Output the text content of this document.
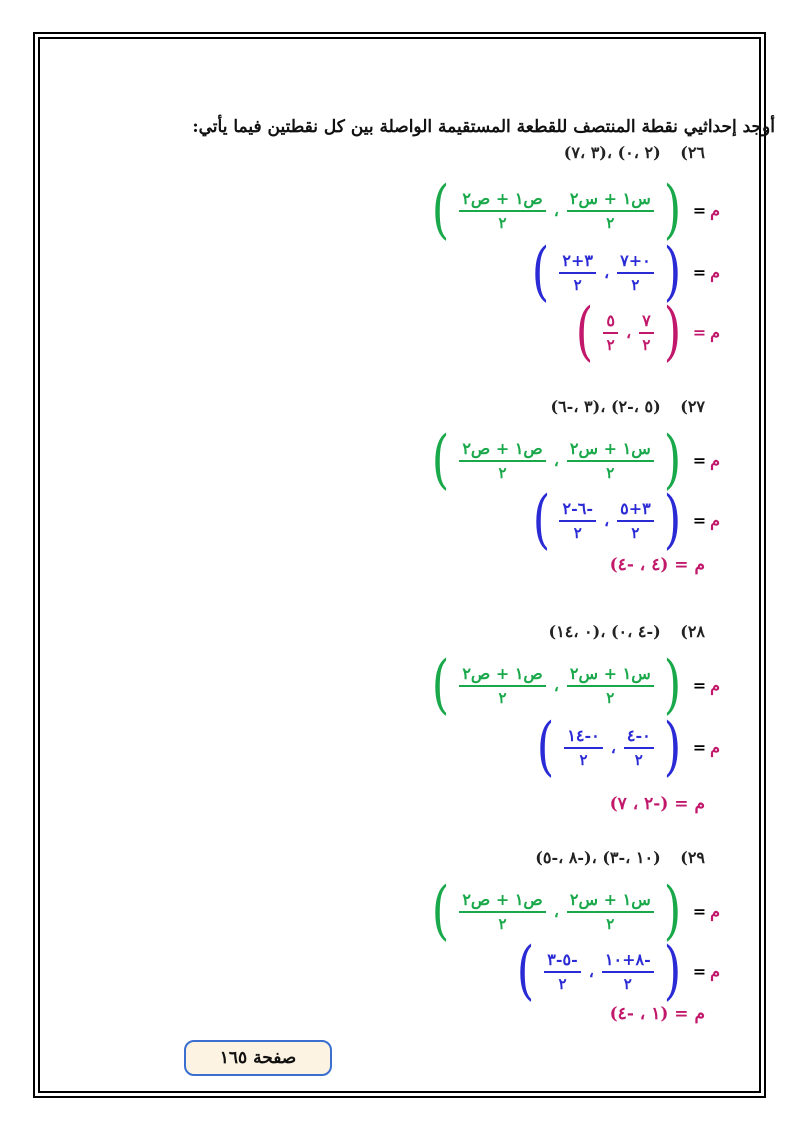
أوجد إحداثيي نقطة المنتصف للقطعة المستقيمة الواصلة بين كل نقطتين فيما يأتي:
٢٦) (٢ ،٠) ،(٣ ،٧)
م
=
(
$\frac{\text{س١ + س٢}}{٢}$
،
$\frac{\text{ص١ + ص٢}}{٢}$
)
م
=
(
$\frac{٠+٧}{٢}$
،
$\frac{٣+٢}{٢}$
)
م
=
(
$\frac{٧}{٢}$
،
$\frac{٥}{٢}$
)
٢٧) (٥ ،-٢) ،(٣ ،-٦)
م
=
(
$\frac{\text{س١ + س٢}}{٢}$
،
$\frac{\text{ص١ + ص٢}}{٢}$
)
م
=
(
$\frac{٣+٥}{٢}$
،
$\frac{-٦-٢}{٢}$
)
م = (٤ ، -٤)
٢٨) (-٤ ،٠) ،(٠ ،١٤)
م
=
(
$\frac{\text{س١ + س٢}}{٢}$
،
$\frac{\text{ص١ + ص٢}}{٢}$
)
م
=
(
$\frac{٠-٤}{٢}$
،
$\frac{٠-١٤}{٢}$
)
م = (-٢ ، ٧)
٢٩) (١٠ ،-٣) ،(-٨ ،-٥)
م
=
(
$\frac{\text{س١ + س٢}}{٢}$
،
$\frac{\text{ص١ + ص٢}}{٢}$
)
م
=
(
$\frac{-٨+١٠}{٢}$
،
$\frac{-٥-٣}{٢}$
)
م = (١ ، -٤)
صفحة ١٦٥
